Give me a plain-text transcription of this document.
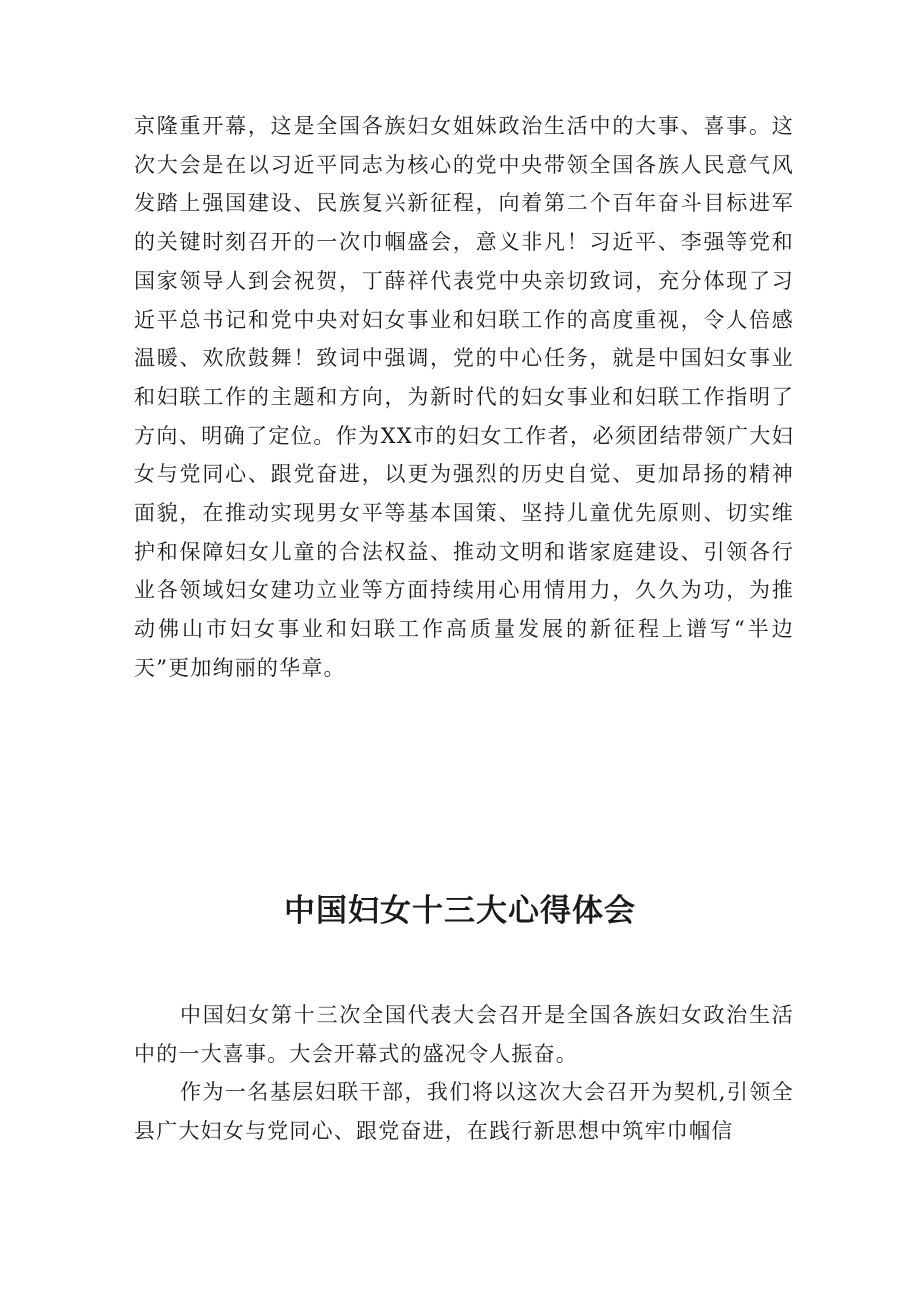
京隆重开幕，这是全国各族妇女姐妹政治生活中的大事、喜事。这次大会是在以习近平同志为核心的党中央带领全国各族人民意气风发踏上强国建设、民族复兴新征程，向着第二个百年奋斗目标进军的关键时刻召开的一次巾帼盛会，意义非凡！习近平、李强等党和国家领导人到会祝贺，丁薛祥代表党中央亲切致词，充分体现了习近平总书记和党中央对妇女事业和妇联工作的高度重视，令人倍感温暖、欢欣鼓舞！致词中强调，党的中心任务，就是中国妇女事业和妇联工作的主题和方向，为新时代的妇女事业和妇联工作指明了方向、明确了定位。作为XX市的妇女工作者，必须团结带领广大妇女与党同心、跟党奋进，以更为强烈的历史自觉、更加昂扬的精神面貌，在推动实现男女平等基本国策、坚持儿童优先原则、切实维护和保障妇女儿童的合法权益、推动文明和谐家庭建设、引领各行业各领域妇女建功立业等方面持续用心用情用力，久久为功，为推动佛山市妇女事业和妇联工作高质量发展的新征程上谱写“半边天”更加绚丽的华章。

中国妇女十三大心得体会

中国妇女第十三次全国代表大会召开是全国各族妇女政治生活中的一大喜事。大会开幕式的盛况令人振奋。

作为一名基层妇联干部，我们将以这次大会召开为契机,引领全县广大妇女与党同心、跟党奋进，在践行新思想中筑牢巾帼信
